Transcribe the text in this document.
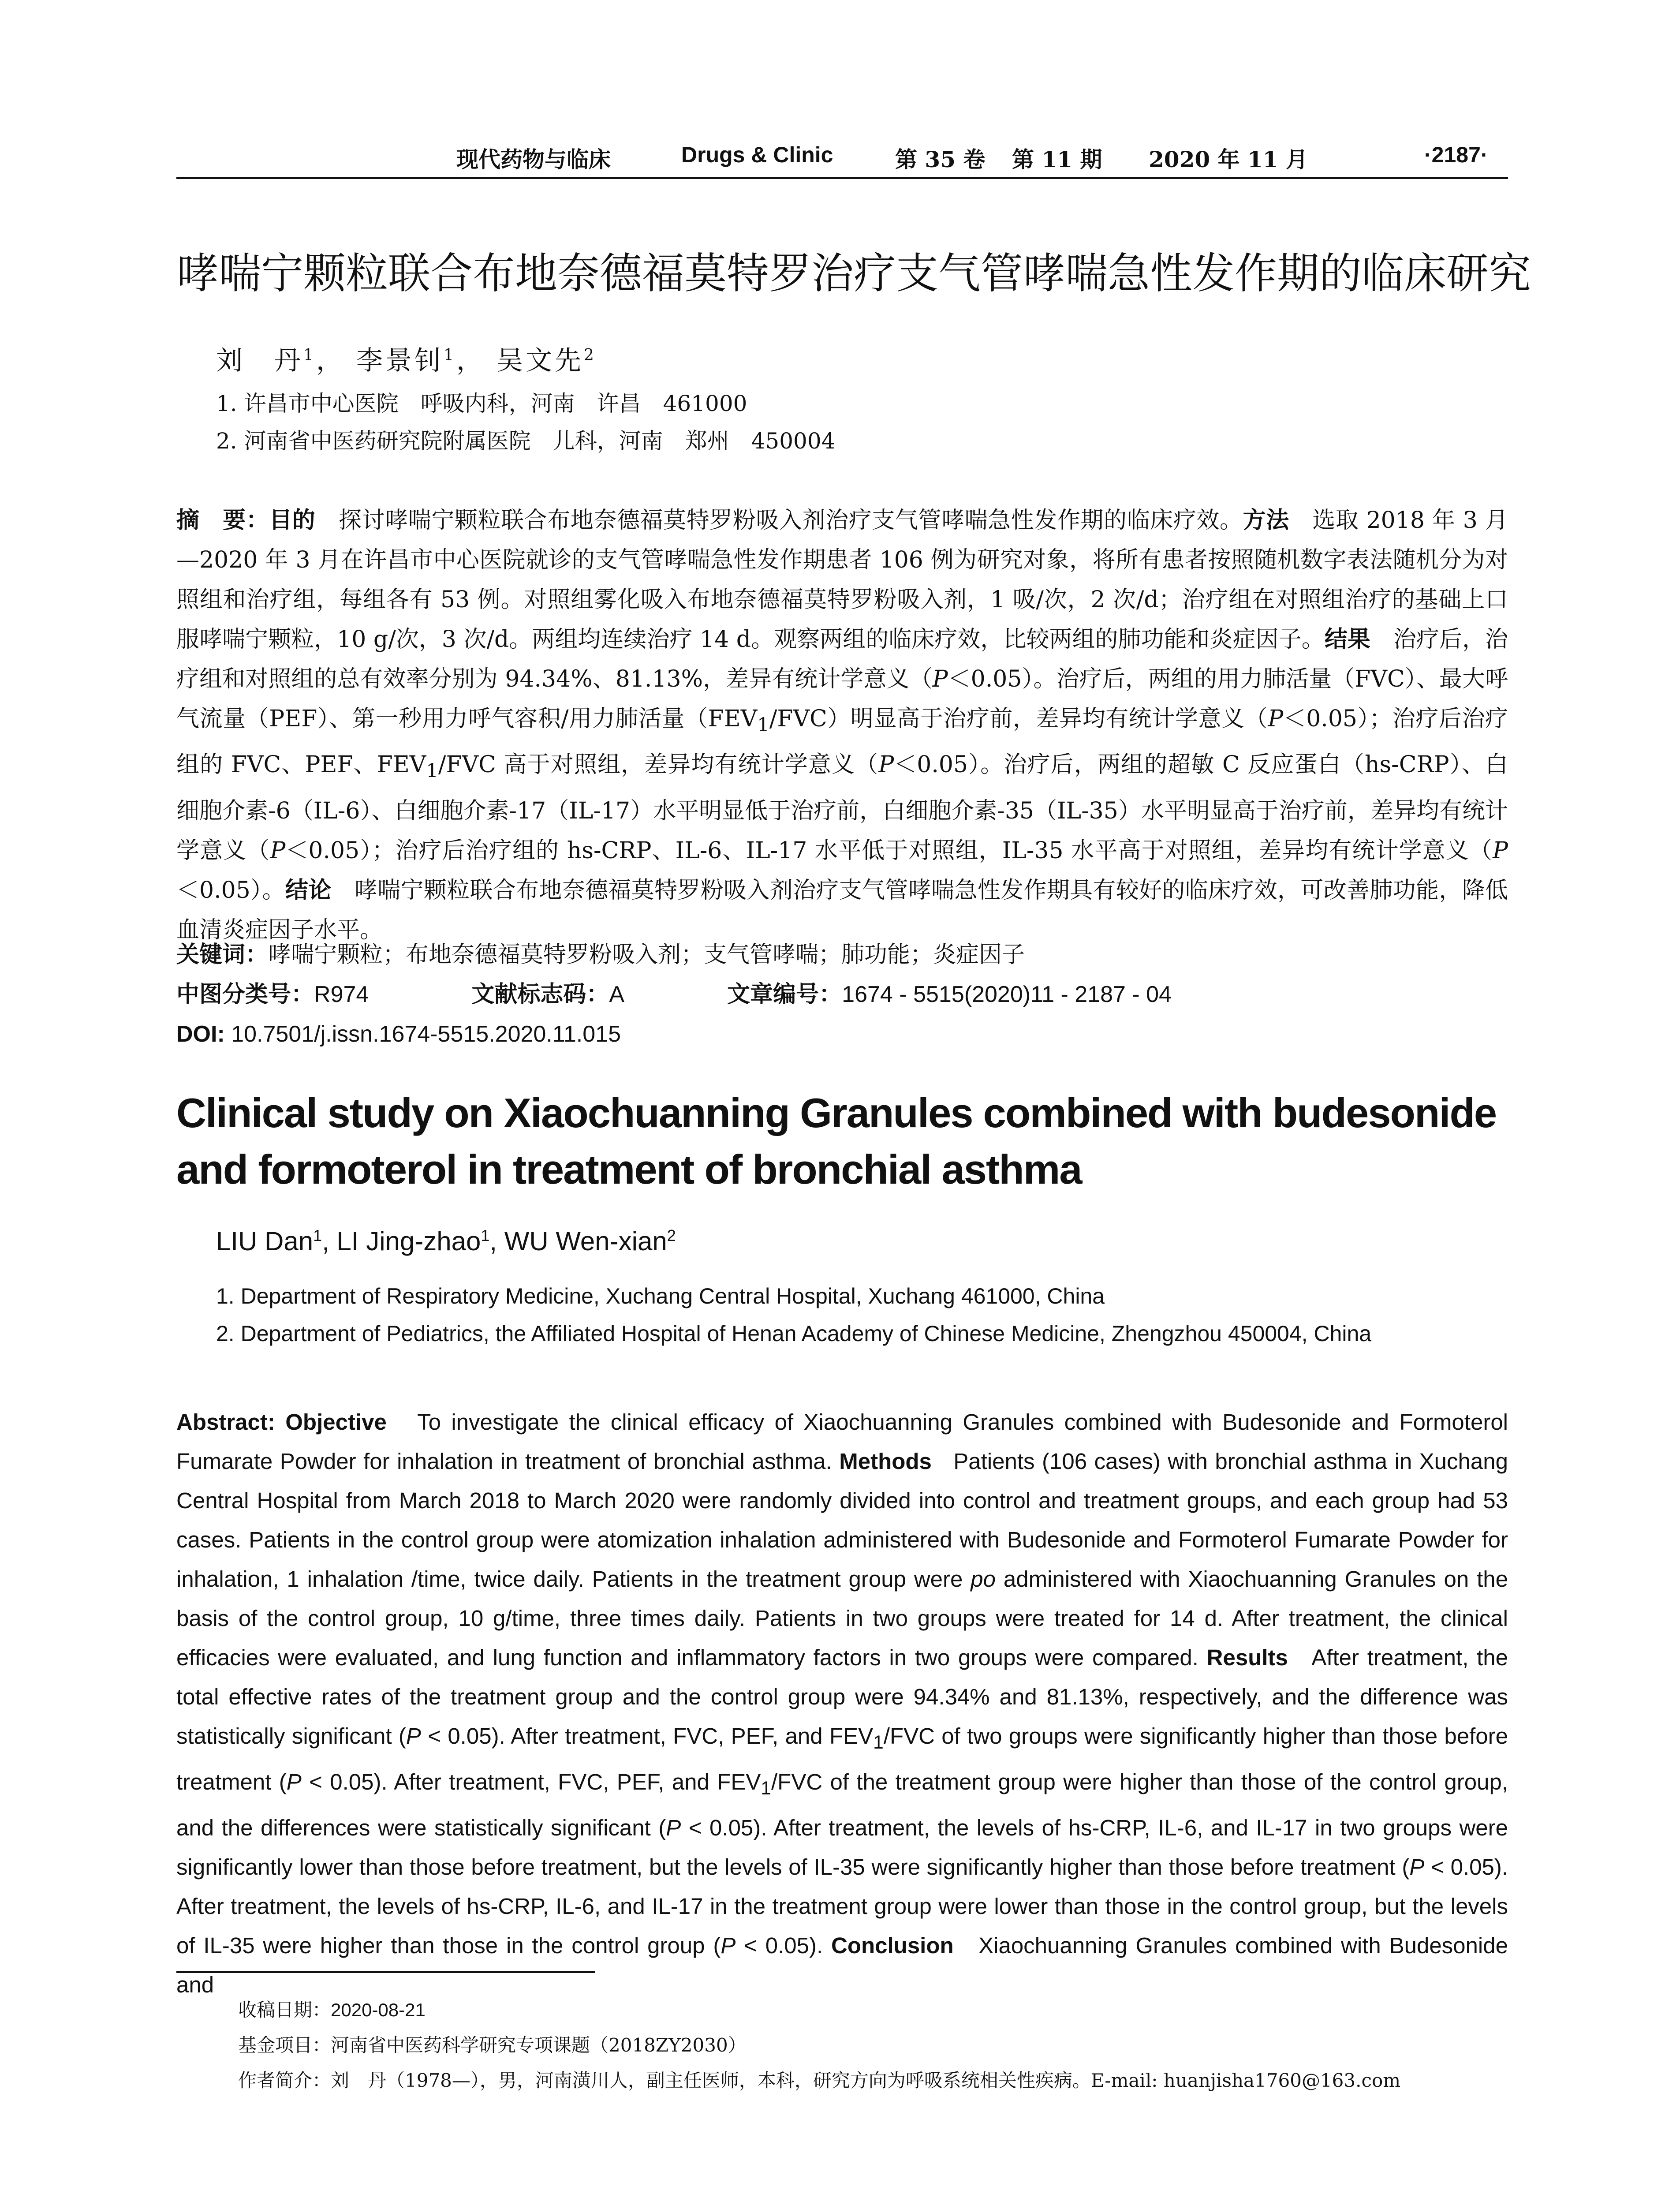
现代药物与临床	Drugs & Clinic	第 35 卷 第 11 期 2020 年 11 月	·2187·
哮喘宁颗粒联合布地奈德福莫特罗治疗支气管哮喘急性发作期的临床研究
刘　丹$^1$， 李景钊$^1$， 吴文先$^2$
1. 许昌市中心医院　呼吸内科，河南　许昌　461000
2. 河南省中医药研究院附属医院　儿科，河南　郑州　450004
摘　要：目的　 探讨哮喘宁颗粒联合布地奈德福莫特罗粉吸入剂治疗支气管哮喘急性发作期的临床疗效。方法　 选取 2018 年 3 月—2020 年 3 月在许昌市中心医院就诊的支气管哮喘急性发作期患者 106 例为研究对象，将所有患者按照随机数字表法随机分为对照组和治疗组，每组各有 53 例。对照组雾化吸入布地奈德福莫特罗粉吸入剂，1 吸/次，2 次/d；治疗组在对照组治疗的基础上口服哮喘宁颗粒，10 g/次，3 次/d。两组均连续治疗 14 d。观察两组的临床疗效，比较两组的肺功能和炎症因子。结果　 治疗后，治疗组和对照组的总有效率分别为 94.34%、81.13%，差异有统计学意义（P＜0.05）。治疗后，两组的用力肺活量（FVC）、最大呼气流量（PEF）、第一秒用力呼气容积/用力肺活量$(FEV_1/FVC)$明显高于治疗前，差异均有统计学意义（P＜0.05）；治疗后治疗组的 FVC、PEF、$FEV_1$/FVC 高于对照组，差异均有统计学意义（P＜0.05）。治疗后，两组的超敏 C 反应蛋白（hs-CRP）、白细胞介素-6（IL-6）、白细胞介素-17（IL-17）水平明显低于治疗前，白细胞介素-35（IL-35）水平明显高于治疗前，差异均有统计学意义（P＜0.05）；治疗后治疗组的 hs-CRP、IL-6、IL-17 水平低于对照组，IL-35 水平高于对照组，差异均有统计学意义（P＜0.05）。结论　 哮喘宁颗粒联合布地奈德福莫特罗粉吸入剂治疗支气管哮喘急性发作期具有较好的临床疗效，可改善肺功能，降低血清炎症因子水平。
关键词：哮喘宁颗粒；布地奈德福莫特罗粉吸入剂；支气管哮喘；肺功能；炎症因子
中图分类号：R974	文献标志码：A	文章编号：1674 - 5515(2020)11 - 2187 - 04
DOI: 10.7501/j.issn.1674-5515.2020.11.015
Clinical study on Xiaochuanning Granules combined with budesonide and formoterol in treatment of bronchial asthma
LIU Dan$^1$, LI Jing-zhao$^1$, WU Wen-xian$^2$
1. Department of Respiratory Medicine, Xuchang Central Hospital, Xuchang 461000, China
2. Department of Pediatrics, the Affiliated Hospital of Henan Academy of Chinese Medicine, Zhengzhou 450004, China
Abstract: Objective To investigate the clinical efficacy of Xiaochuanning Granules combined with Budesonide and Formoterol Fumarate Powder for inhalation in treatment of bronchial asthma. Methods Patients (106 cases) with bronchial asthma in Xuchang Central Hospital from March 2018 to March 2020 were randomly divided into control and treatment groups, and each group had 53 cases. Patients in the control group were atomization inhalation administered with Budesonide and Formoterol Fumarate Powder for inhalation, 1 inhalation /time, twice daily. Patients in the treatment group were po administered with Xiaochuanning Granules on the basis of the control group, 10 g/time, three times daily. Patients in two groups were treated for 14 d. After treatment, the clinical efficacies were evaluated, and lung function and inflammatory factors in two groups were compared. Results After treatment, the total effective rates of the treatment group and the control group were 94.34% and 81.13%, respectively, and the difference was statistically significant (P < 0.05). After treatment, FVC, PEF, and $FEV_1$/FVC of two groups were significantly higher than those before treatment (P < 0.05). After treatment, FVC, PEF, and $FEV_1$/FVC of the treatment group were higher than those of the control group, and the differences were statistically significant (P < 0.05). After treatment, the levels of hs-CRP, IL-6, and IL-17 in two groups were significantly lower than those before treatment, but the levels of IL-35 were significantly higher than those before treatment (P < 0.05). After treatment, the levels of hs-CRP, IL-6, and IL-17 in the treatment group were lower than those in the control group, but the levels of IL-35 were higher than those in the control group (P < 0.05). Conclusion Xiaochuanning Granules combined with Budesonide and
收稿日期：2020-08-21
基金项目：河南省中医药科学研究专项课题（2018ZY2030）
作者简介：刘　丹（1978—），男，河南潢川人，副主任医师，本科，研究方向为呼吸系统相关性疾病。E-mail: huanjisha1760@163.com
